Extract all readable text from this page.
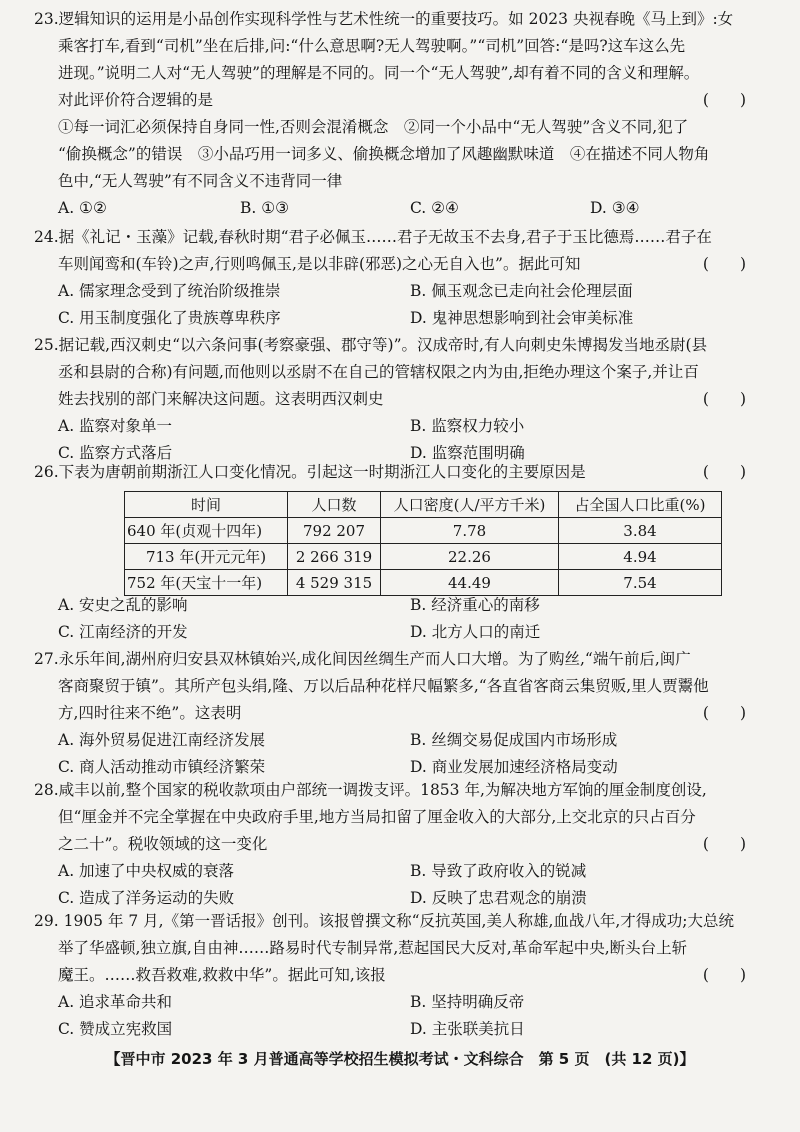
23.逻辑知识的运用是小品创作实现科学性与艺术性统一的重要技巧。如 2023 央视春晚《马上到》:女
乘客打车,看到“司机”坐在后排,问:“什么意思啊?无人驾驶啊。”“司机”回答:“是吗?这车这么先
进现。”说明二人对“无人驾驶”的理解是不同的。同一个“无人驾驶”,却有着不同的含义和理解。
对此评价符合逻辑的是	(　　)
①每一词汇必须保持自身同一性,否则会混淆概念　②同一个小品中“无人驾驶”含义不同,犯了
“偷换概念”的错误　③小品巧用一词多义、偷换概念增加了风趣幽默味道　④在描述不同人物角
色中,“无人驾驶”有不同含义不违背同一律
A. ①②	B. ①③	C. ②④	D. ③④
24.据《礼记・玉藻》记载,春秋时期“君子必佩玉……君子无故玉不去身,君子于玉比德焉……君子在
车则闻鸾和(车铃)之声,行则鸣佩玉,是以非辟(邪恶)之心无自入也”。据此可知	(　　)
A. 儒家理念受到了统治阶级推崇	B. 佩玉观念已走向社会伦理层面
C. 用玉制度强化了贵族尊卑秩序	D. 鬼神思想影响到社会审美标准
25.据记载,西汉刺史“以六条问事(考察豪强、郡守等)”。汉成帝时,有人向刺史朱博揭发当地丞尉(县
丞和县尉的合称)有问题,而他则以丞尉不在自己的管辖权限之内为由,拒绝办理这个案子,并让百
姓去找别的部门来解决这问题。这表明西汉刺史	(　　)
A. 监察对象单一	B. 监察权力较小
C. 监察方式落后	D. 监察范围明确
26.下表为唐朝前期浙江人口变化情况。引起这一时期浙江人口变化的主要原因是	(　　)
时间	人口数	人口密度(人/平方千米)	占全国人口比重(%)
640 年(贞观十四年)	792 207	7.78	3.84
713 年(开元元年)	2 266 319	22.26	4.94
752 年(天宝十一年)	4 529 315	44.49	7.54
A. 安史之乱的影响	B. 经济重心的南移
C. 江南经济的开发	D. 北方人口的南迁
27.永乐年间,湖州府归安县双林镇始兴,成化间因丝绸生产而人口大增。为了购丝,“端午前后,闽广
客商聚贸于镇”。其所产包头绢,隆、万以后品种花样尺幅繁多,“各直省客商云集贸贩,里人贾鬻他
方,四时往来不绝”。这表明	(　　)
A. 海外贸易促进江南经济发展	B. 丝绸交易促成国内市场形成
C. 商人活动推动市镇经济繁荣	D. 商业发展加速经济格局变动
28.咸丰以前,整个国家的税收款项由户部统一调拨支评。1853 年,为解决地方军饷的厘金制度创设,
但“厘金并不完全掌握在中央政府手里,地方当局扣留了厘金收入的大部分,上交北京的只占百分
之二十”。税收领域的这一变化	(　　)
A. 加速了中央权威的衰落	B. 导致了政府收入的锐减
C. 造成了洋务运动的失败	D. 反映了忠君观念的崩溃
29. 1905 年 7 月,《第一晋话报》创刊。该报曾撰文称“反抗英国,美人称雄,血战八年,才得成功;大总统
举了华盛顿,独立旗,自由神……路易时代专制异常,惹起国民大反对,革命军起中央,断头台上斩
魔王。……救吾救难,救救中华”。据此可知,该报	(　　)
A. 追求革命共和	B. 坚持明确反帝
C. 赞成立宪救国	D. 主张联美抗日
【晋中市 2023 年 3 月普通高等学校招生模拟考试・文科综合　第 5 页　(共 12 页)】
